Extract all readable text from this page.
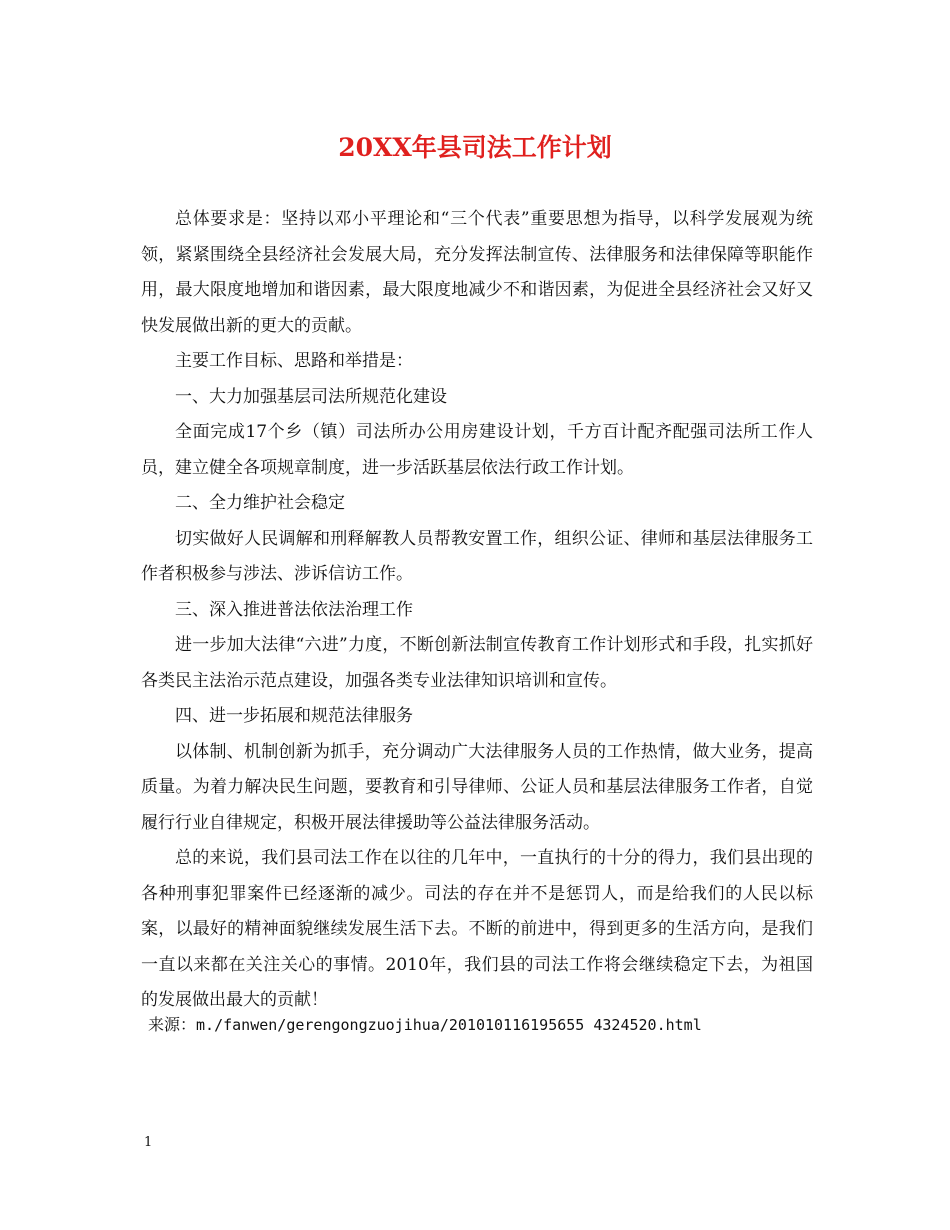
20XX年县司法工作计划

总体要求是：坚持以邓小平理论和“三个代表”重要思想为指导，以科学发展观为统领，紧紧围绕全县经济社会发展大局，充分发挥法制宣传、法律服务和法律保障等职能作用，最大限度地增加和谐因素，最大限度地减少不和谐因素，为促进全县经济社会又好又快发展做出新的更大的贡献。

主要工作目标、思路和举措是：

一、大力加强基层司法所规范化建设

全面完成17个乡（镇）司法所办公用房建设计划，千方百计配齐配强司法所工作人员，建立健全各项规章制度，进一步活跃基层依法行政工作计划。

二、全力维护社会稳定

切实做好人民调解和刑释解教人员帮教安置工作，组织公证、律师和基层法律服务工作者积极参与涉法、涉诉信访工作。

三、深入推进普法依法治理工作

进一步加大法律“六进”力度，不断创新法制宣传教育工作计划形式和手段，扎实抓好各类民主法治示范点建设，加强各类专业法律知识培训和宣传。

四、进一步拓展和规范法律服务

以体制、机制创新为抓手，充分调动广大法律服务人员的工作热情，做大业务，提高质量。为着力解决民生问题，要教育和引导律师、公证人员和基层法律服务工作者，自觉履行行业自律规定，积极开展法律援助等公益法律服务活动。

总的来说，我们县司法工作在以往的几年中，一直执行的十分的得力，我们县出现的各种刑事犯罪案件已经逐渐的减少。司法的存在并不是惩罚人，而是给我们的人民以标案，以最好的精神面貌继续发展生活下去。不断的前进中，得到更多的生活方向，是我们一直以来都在关注关心的事情。2010年，我们县的司法工作将会继续稳定下去，为祖国的发展做出最大的贡献！

来源：m./fanwen/gerengongzuojihua/201010116195655 4324520.html
1
